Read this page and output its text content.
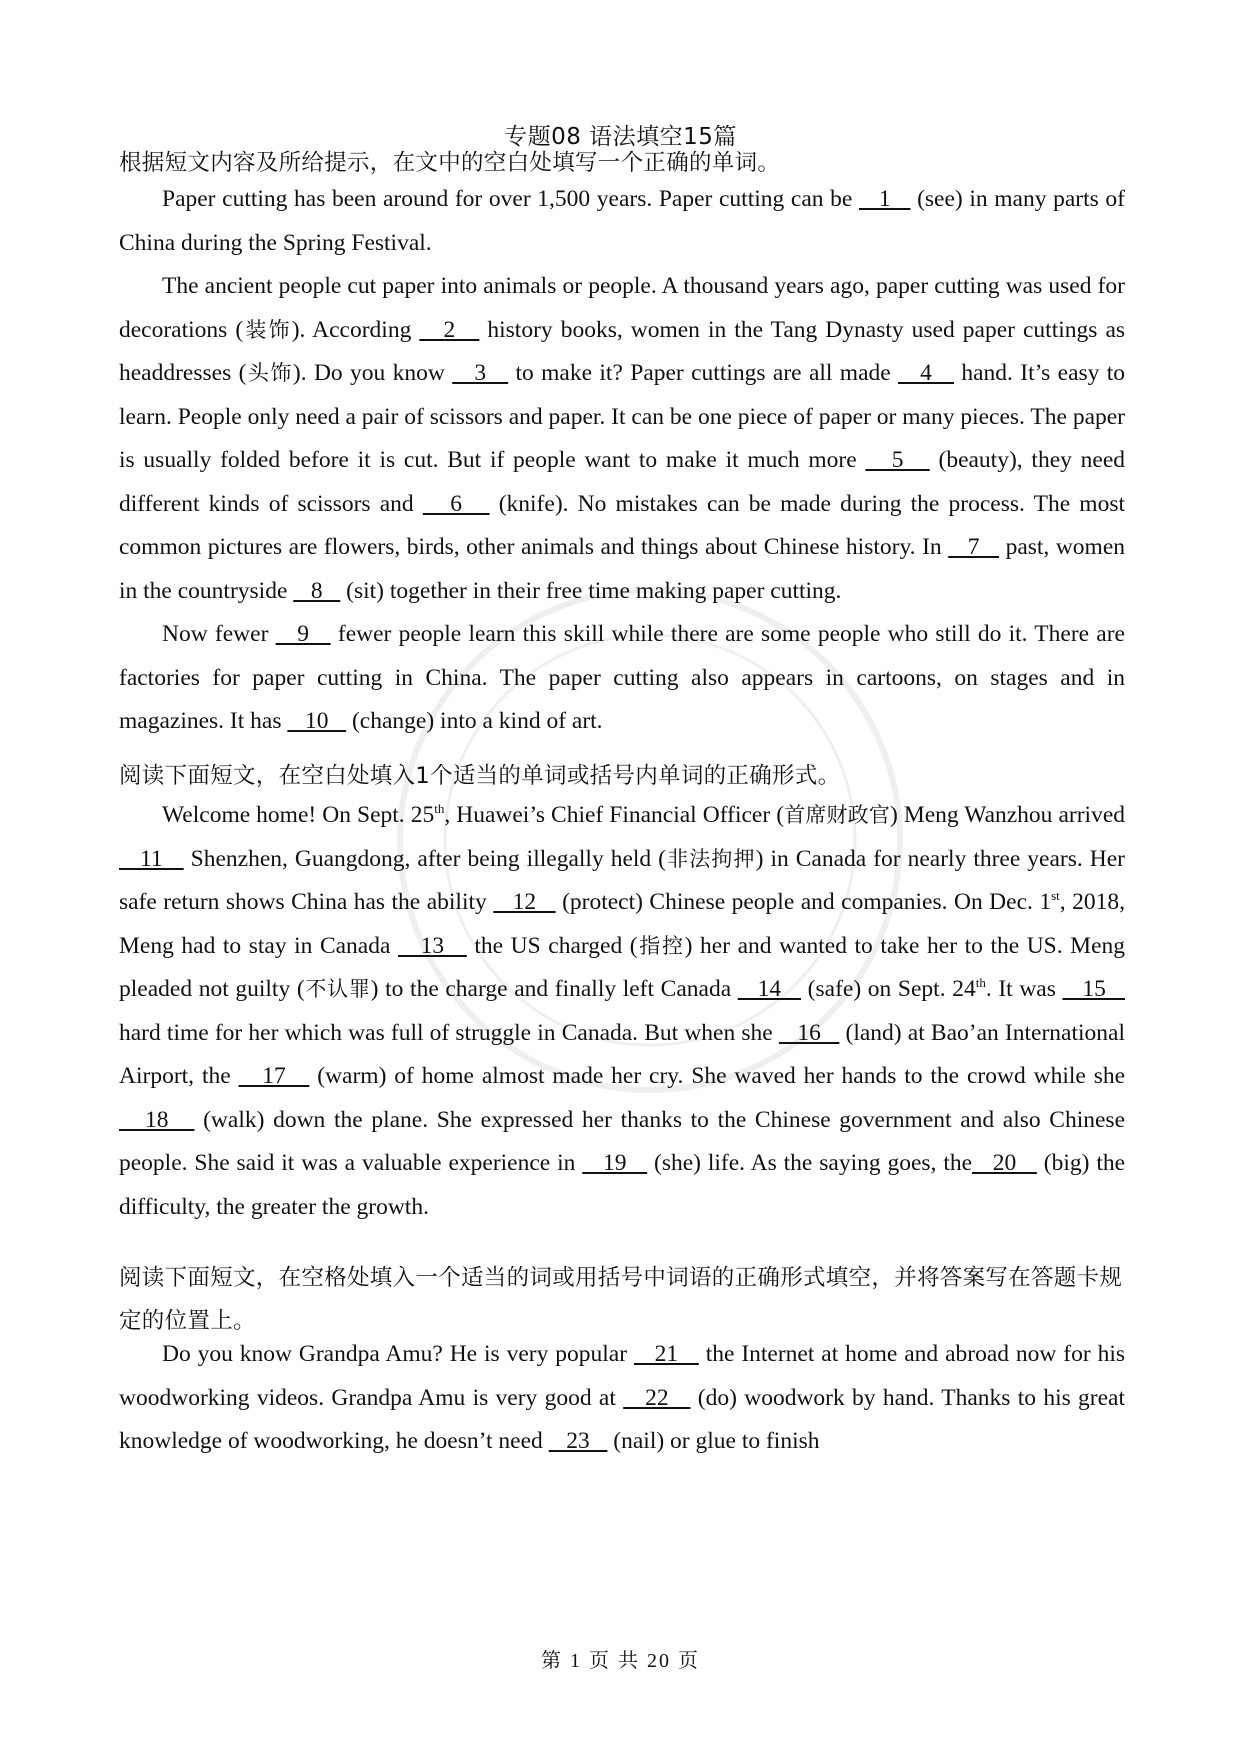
专题08 语法填空15篇
根据短文内容及所给提示，在文中的空白处填写一个正确的单词。

Paper cutting has been around for over 1,500 years. Paper cutting can be    1    (see) in many parts of China during the Spring Festival.

The ancient people cut paper into animals or people. A thousand years ago, paper cutting was used for decorations (装饰). According    2    history books, women in the Tang Dynasty used paper cuttings as headdresses (头饰). Do you know    3    to make it? Paper cuttings are all made    4    hand. It’s easy to learn. People only need a pair of scissors and paper. It can be one piece of paper or many pieces. The paper is usually folded before it is cut. But if people want to make it much more    5    (beauty), they need different kinds of scissors and    6    (knife). No mistakes can be made during the process. The most common pictures are flowers, birds, other animals and things about Chinese history. In    7    past, women in the countryside    8    (sit) together in their free time making paper cutting.

Now fewer    9    fewer people learn this skill while there are some people who still do it. There are factories for paper cutting in China. The paper cutting also appears in cartoons, on stages and in magazines. It has    10    (change) into a kind of art.

阅读下面短文，在空白处填入1个适当的单词或括号内单词的正确形式。

Welcome home! On Sept. 25th, Huawei’s Chief Financial Officer (首席财政官) Meng Wanzhou arrived    11    Shenzhen, Guangdong, after being illegally held (非法拘押) in Canada for nearly three years. Her safe return shows China has the ability    12    (protect) Chinese people and companies. On Dec. 1st, 2018, Meng had to stay in Canada    13    the US charged (指控) her and wanted to take her to the US. Meng pleaded not guilty (不认罪) to the charge and finally left Canada    14    (safe) on Sept. 24th. It was    15    hard time for her which was full of struggle in Canada. But when she    16    (land) at Bao’an International Airport, the    17    (warm) of home almost made her cry. She waved her hands to the crowd while she    18    (walk) down the plane. She expressed her thanks to the Chinese government and also Chinese people. She said it was a valuable experience in    19    (she) life. As the saying goes, the   20    (big) the difficulty, the greater the growth.

阅读下面短文，在空格处填入一个适当的词或用括号中词语的正确形式填空，并将答案写在答题卡规定的位置上。

Do you know Grandpa Amu? He is very popular    21    the Internet at home and abroad now for his woodworking videos. Grandpa Amu is very good at    22    (do) woodwork by hand. Thanks to his great knowledge of woodworking, he doesn’t need    23    (nail) or glue to finish

第 1 页 共 20 页
